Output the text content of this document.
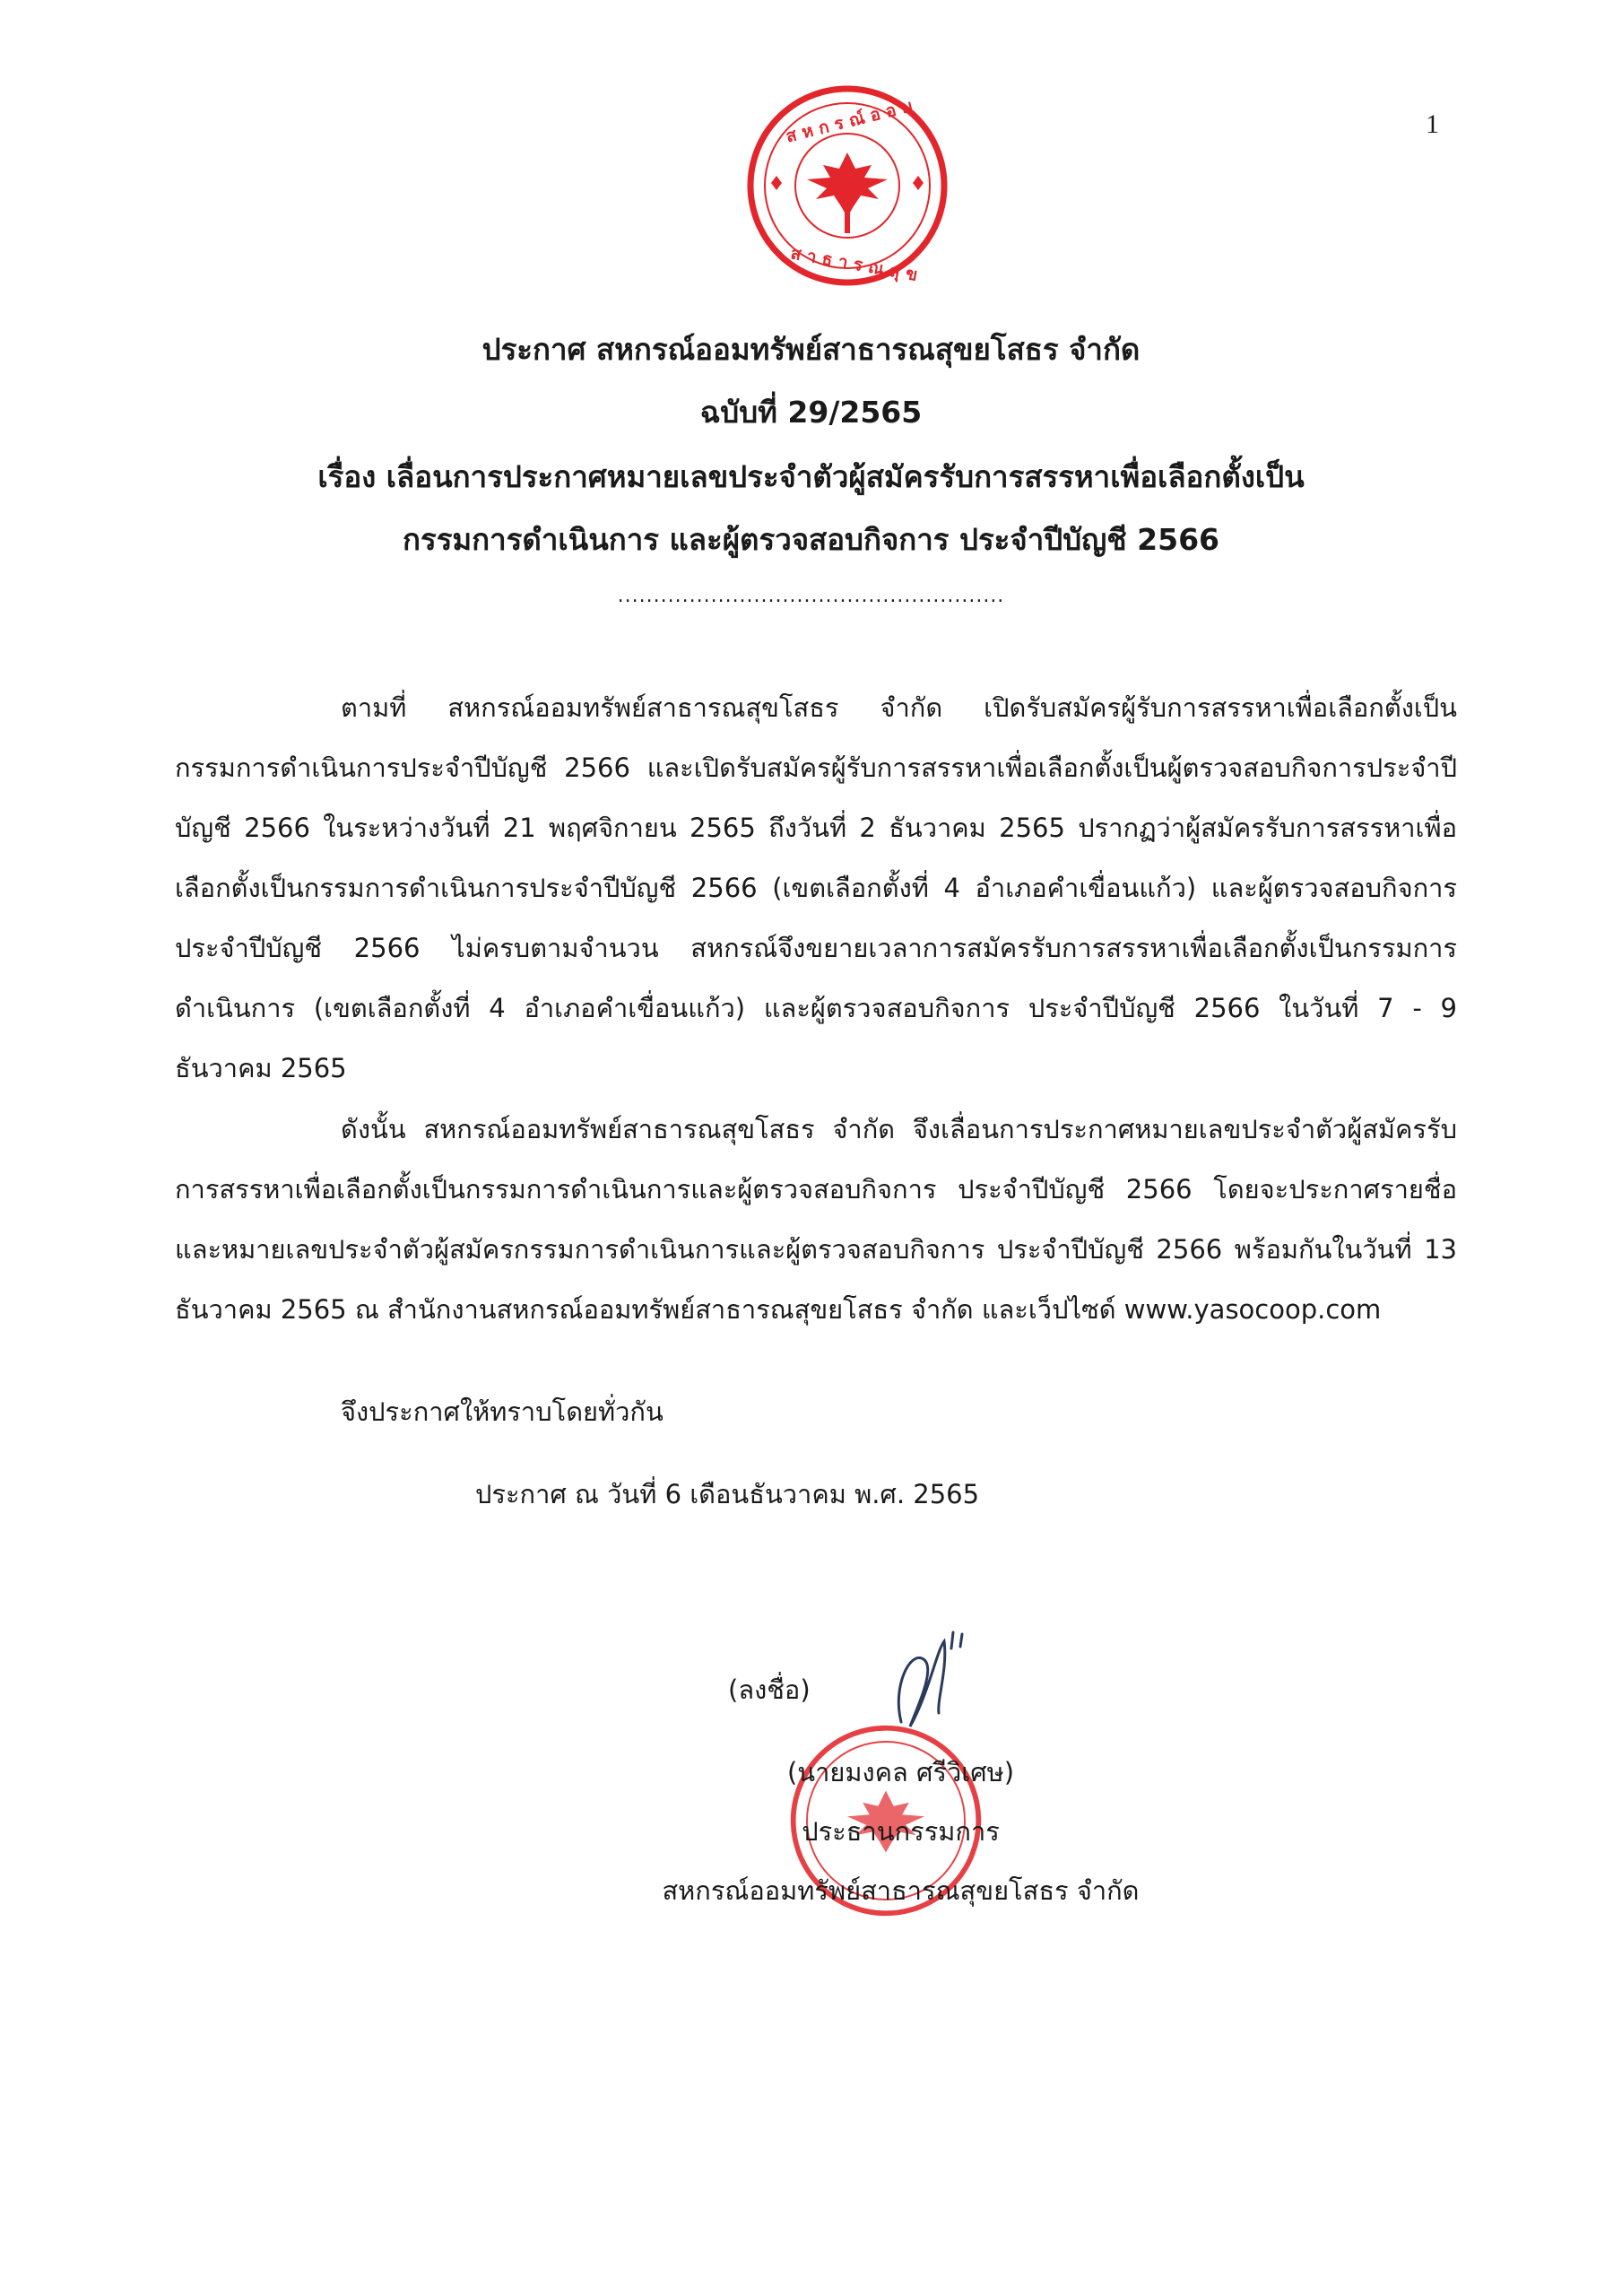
1
ส ห ก ร ณ์ อ อ ม
ส า ธ า ร ณ สุ ข
ประกาศ สหกรณ์ออมทรัพย์สาธารณสุขยโสธร จำกัด
ฉบับที่ 29/2565
เรื่อง เลื่อนการประกาศหมายเลขประจำตัวผู้สมัครรับการสรรหาเพื่อเลือกตั้งเป็น
กรรมการดำเนินการ และผู้ตรวจสอบกิจการ ประจำปีบัญชี 2566
......................................................

ตามที่ สหกรณ์ออมทรัพย์สาธารณสุขโสธร จำกัด เปิดรับสมัครผู้รับการสรรหาเพื่อเลือกตั้งเป็นกรรมการดำเนินการประจำปีบัญชี 2566 และเปิดรับสมัครผู้รับการสรรหาเพื่อเลือกตั้งเป็นผู้ตรวจสอบกิจการประจำปีบัญชี 2566 ในระหว่างวันที่ 21 พฤศจิกายน 2565 ถึงวันที่ 2 ธันวาคม 2565 ปรากฏว่าผู้สมัครรับการสรรหาเพื่อเลือกตั้งเป็นกรรมการดำเนินการประจำปีบัญชี 2566 (เขตเลือกตั้งที่ 4 อำเภอคำเขื่อนแก้ว) และผู้ตรวจสอบกิจการประจำปีบัญชี 2566 ไม่ครบตามจำนวน สหกรณ์จึงขยายเวลาการสมัครรับการสรรหาเพื่อเลือกตั้งเป็นกรรมการดำเนินการ (เขตเลือกตั้งที่ 4 อำเภอคำเขื่อนแก้ว) และผู้ตรวจสอบกิจการ ประจำปีบัญชี 2566 ในวันที่ 7 - 9 ธันวาคม 2565

ดังนั้น สหกรณ์ออมทรัพย์สาธารณสุขโสธร จำกัด จึงเลื่อนการประกาศหมายเลขประจำตัวผู้สมัครรับการสรรหาเพื่อเลือกตั้งเป็นกรรมการดำเนินการและผู้ตรวจสอบกิจการ ประจำปีบัญชี 2566 โดยจะประกาศรายชื่อและหมายเลขประจำตัวผู้สมัครกรรมการดำเนินการและผู้ตรวจสอบกิจการ ประจำปีบัญชี 2566 พร้อมกันในวันที่ 13 ธันวาคม 2565 ณ สำนักงานสหกรณ์ออมทรัพย์สาธารณสุขยโสธร จำกัด และเว็ปไซด์ www.yasocoop.com

จึงประกาศให้ทราบโดยทั่วกัน

ประกาศ ณ วันที่ 6 เดือนธันวาคม พ.ศ. 2565

(ลงชื่อ)

(นายมงคล ศรีวิเศษ)

ประธานกรรมการ

สหกรณ์ออมทรัพย์สาธารณสุขยโสธร จำกัด
